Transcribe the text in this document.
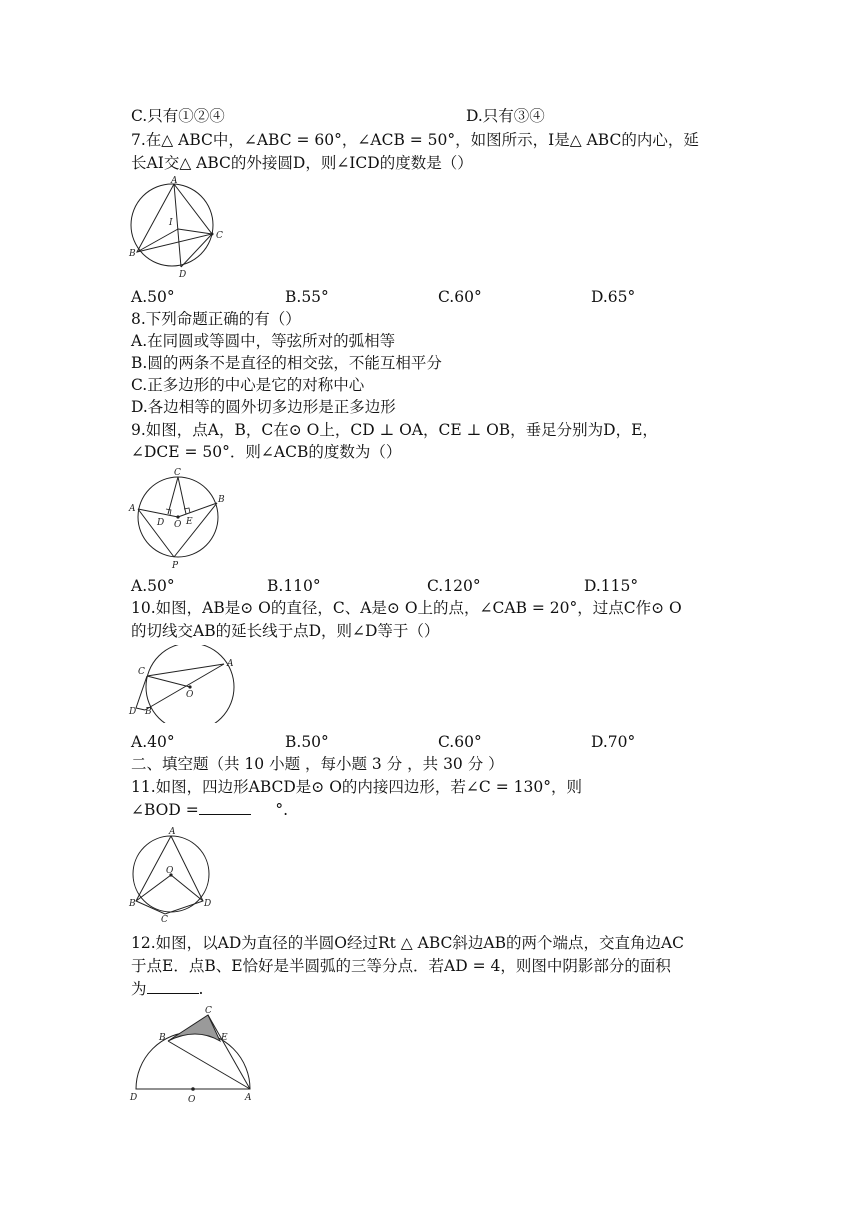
C.只有①②④	D.只有③④
7.在△ ABC中，∠ABC = 60°，∠ACB = 50°，如图所示，I是△ ABC的内心，延
长AI交△ ABC的外接圆D，则∠ICD的度数是（）
A
I
C
B
D
A.50°	B.55°	C.60°	D.65°
8.下列命题正确的有（）
A.在同圆或等圆中，等弦所对的弧相等
B.圆的两条不是直径的相交弦，不能互相平分
C.正多边形的中心是它的对称中心
D.各边相等的圆外切多边形是正多边形
9.如图，点A，B，C在⊙ O上，CD ⊥ OA，CE ⊥ OB，垂足分别为D，E，
∠DCE = 50°．则∠ACB的度数为（）
C
B
A
D O E
P
A.50°	B.110°	C.120°	D.115°
10.如图，AB是⊙ O的直径，C、A是⊙ O上的点，∠CAB = 20°，过点C作⊙ O
的切线交AB的延长线于点D，则∠D等于（）
A
C
O
D B
A.40°	B.50°	C.60°	D.70°
二、填空题（共 10 小题 ，每小题 3 分 ，共 30 分 ）
11.如图，四边形ABCD是⊙ O的内接四边形，若∠C = 130°，则
∠BOD =	°.
A
O
B	D
C
12.如图，以AD为直径的半圆O经过Rt △ ABC斜边AB的两个端点，交直角边AC
于点E．点B、E恰好是半圆弧的三等分点．若AD = 4，则图中阴影部分的面积
为	.
C
B	E
D	O	A
